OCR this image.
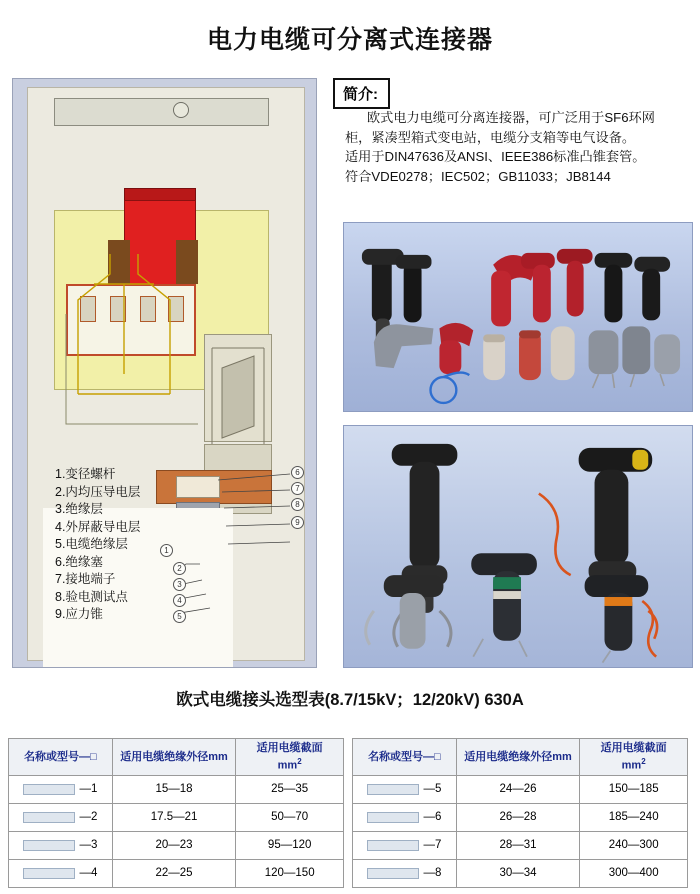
电力电缆可分离式连接器
6
7
8
9
1
2
3
4
5
1.变径螺杆
2.内均压导电层
3.绝缘层
4.外屏蔽导电层
5.电缆绝缘层
6.绝缘塞
7.接地端子
8.验电测试点
9.应力锥
简介:

欧式电力电缆可分离连接器，可广泛用于SF6环网

柜，紧凑型箱式变电站，电缆分支箱等电气设备。

适用于DIN47636及ANSI、IEEE386标准凸锥套管。

符合VDE0278；IEC502；GB11033；JB8144

欧式电缆接头选型表(8.7/15kV；12/20kV) 630A
名称或型号—□	适用电缆绝缘外径mm	适用电缆截面
$mm^2$
—1	15—18	25—35
—2	17.5—21	50—70
—3	20—23	95—120
—4	22—25	120—150
名称或型号—□	适用电缆绝缘外径mm	适用电缆截面
$mm^2$
—5	24—26	150—185
—6	26—28	185—240
—7	28—31	240—300
—8	30—34	300—400
